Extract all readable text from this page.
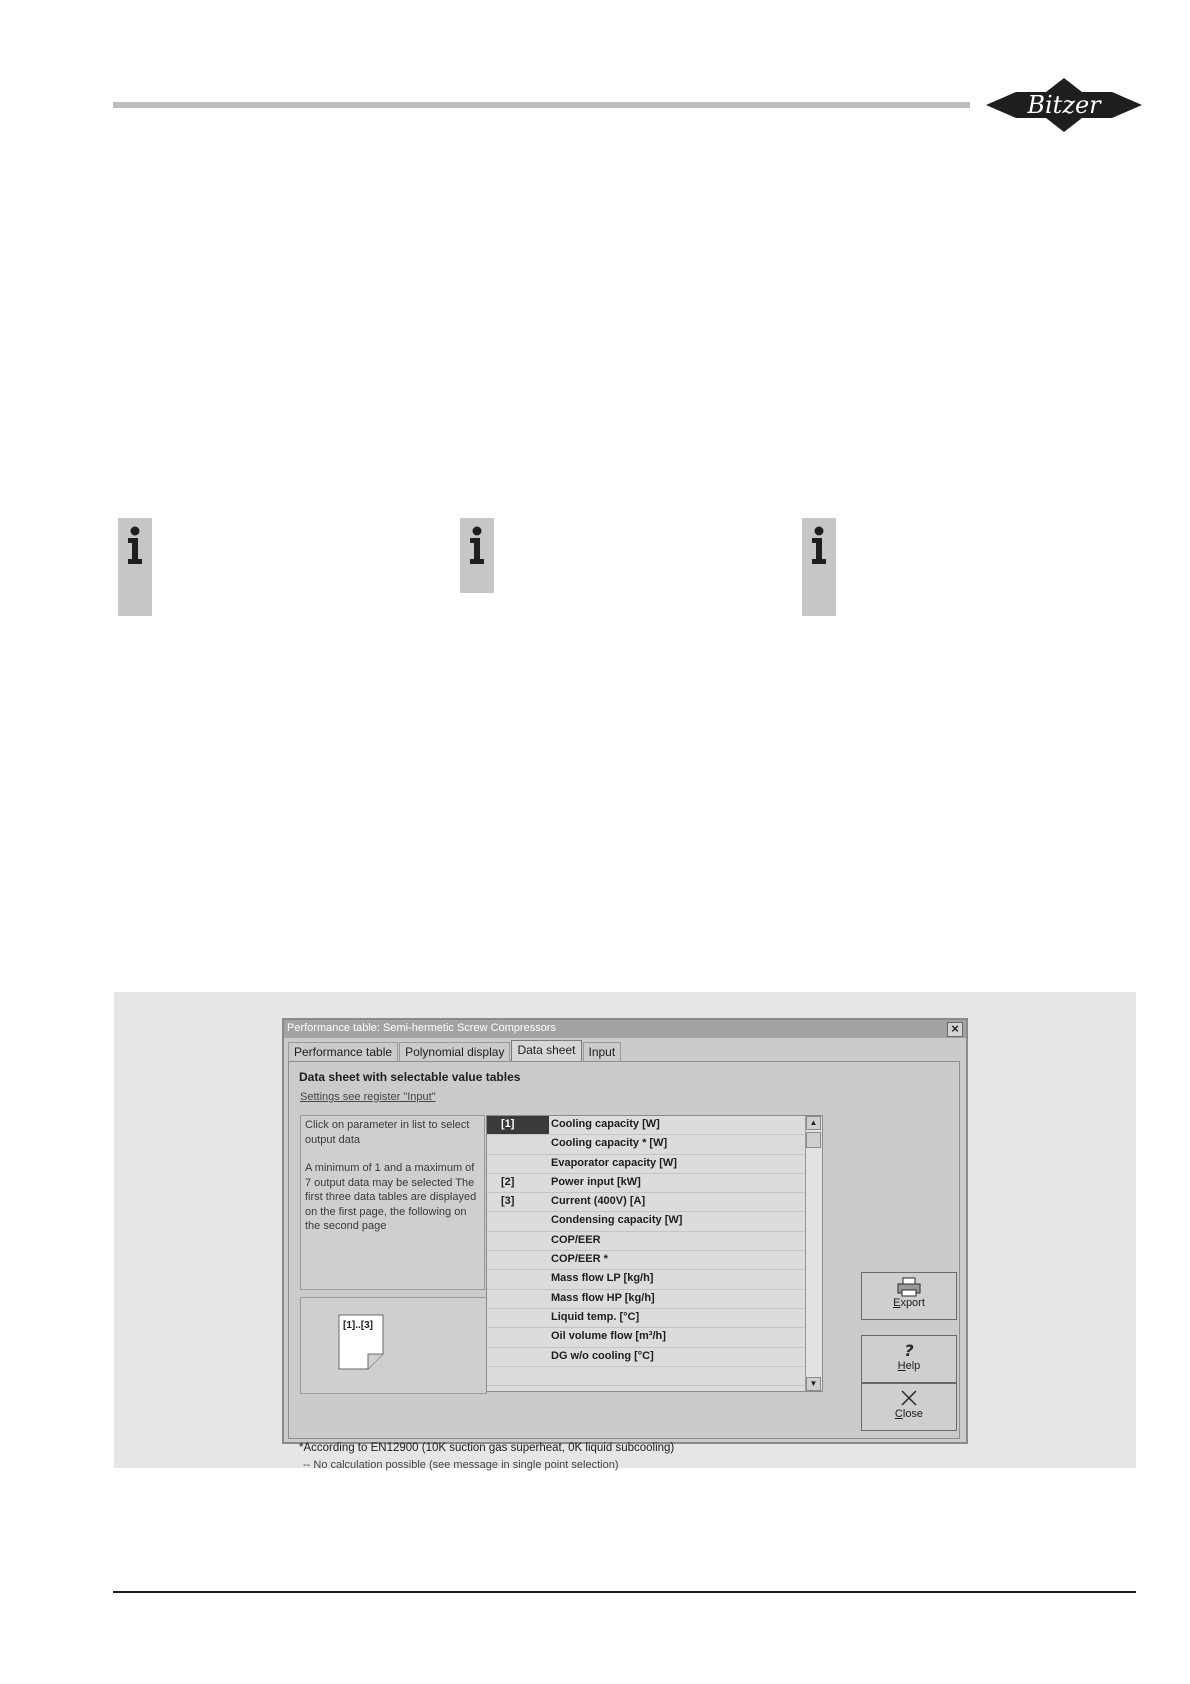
Bitzer
Performance table: Semi-hermetic Screw Compressors	×
Performance table	Polynomial display	Data sheet	Input
Data sheet with selectable value tables
Settings see register "Input"
Click on parameter in list to select output data
A minimum of 1 and a maximum of 7 output data may be selected The first three data tables are displayed on the first page, the following on the second page
[1]..[3]
[1]	Cooling capacity [W]
Cooling capacity * [W]
Evaporator capacity [W]
[2]	Power input [kW]
[3]	Current (400V) [A]
Condensing capacity [W]
COP/EER
COP/EER *
Mass flow LP [kg/h]
Mass flow HP [kg/h]
Liquid temp. [°C]
Oil volume flow [m³/h]
DG w/o cooling [°C]
▲
▼
Export
?
Help
Close
*According to EN12900 (10K suction gas superheat, 0K liquid subcooling)
-- No calculation possible (see message in single point selection)
